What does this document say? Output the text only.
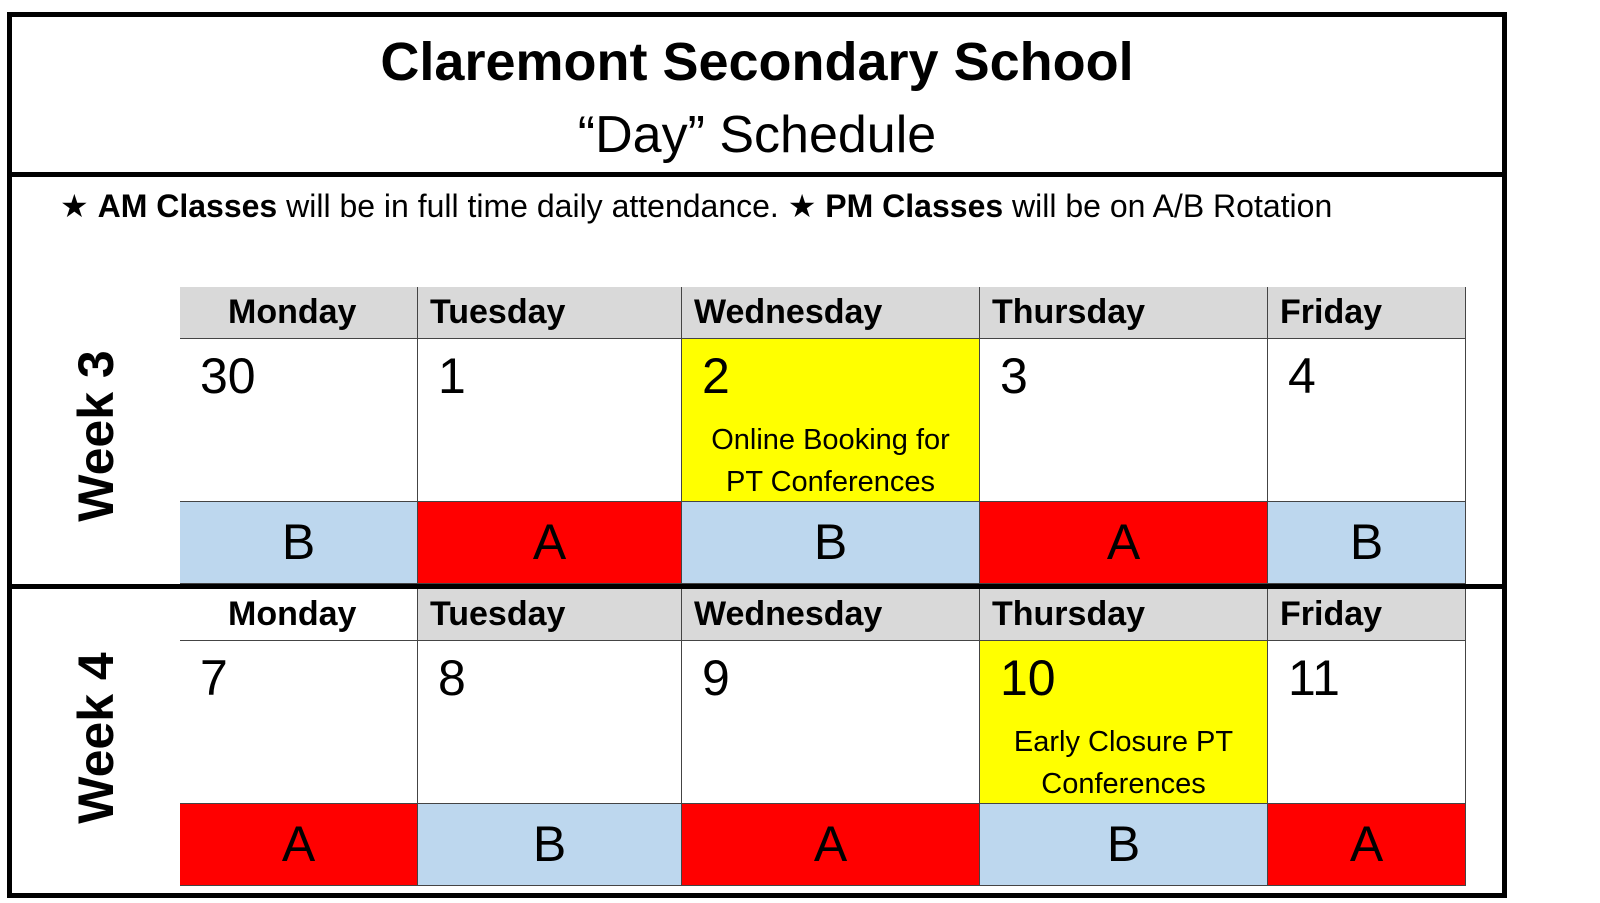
Claremont Secondary School
“Day” Schedule
★ AM Classes will be in full time daily attendance. ★ PM Classes will be on A/B Rotation
Week 3
Monday
30
B
Tuesday
1
A
Wednesday
2
Online Booking for PT Conferences
B
Thursday
3
A
Friday
4
B
Week 4
Monday
7
A
Tuesday
8
B
Wednesday
9
A
Thursday
10
Early Closure PT Conferences
B
Friday
11
A
